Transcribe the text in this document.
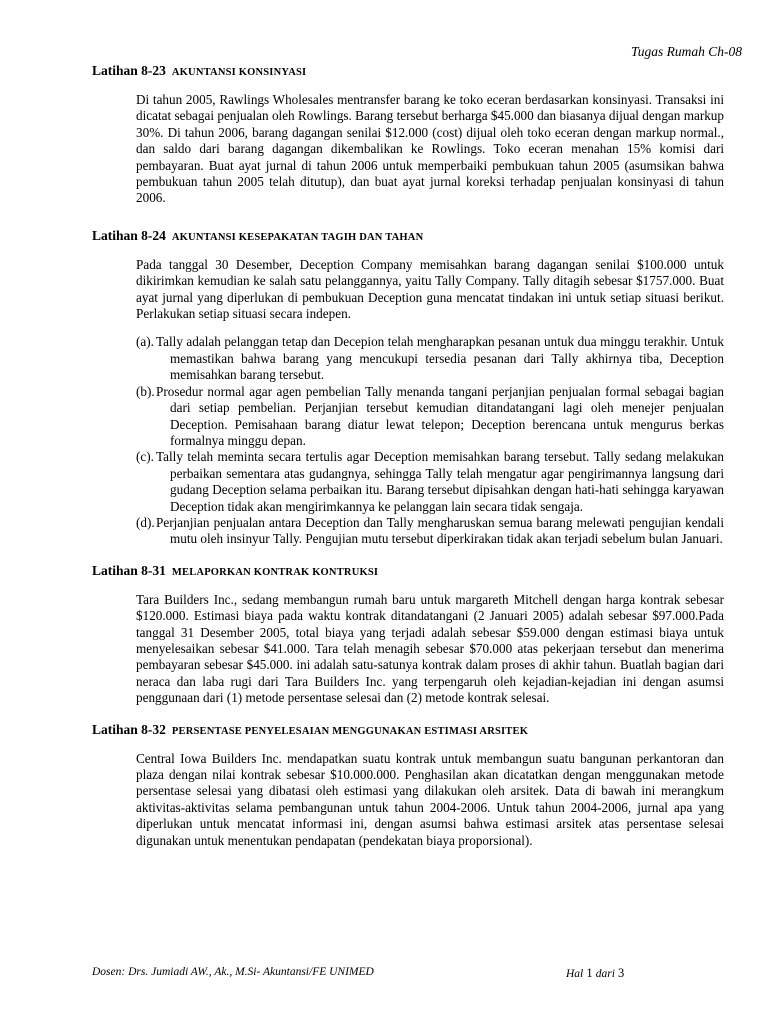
Tugas Rumah Ch-08
Latihan 8-23 AKUNTANSI KONSINYASI

Di tahun 2005, Rawlings Wholesales mentransfer barang ke toko eceran berdasarkan konsinyasi. Transaksi ini dicatat sebagai penjualan oleh Rowlings. Barang tersebut berharga $45.000 dan biasanya dijual dengan markup 30%. Di tahun 2006, barang dagangan senilai $12.000 (cost) dijual oleh toko eceran dengan markup normal., dan saldo dari barang dagangan dikembalikan ke Rowlings. Toko eceran menahan 15% komisi dari pembayaran. Buat ayat jurnal di tahun 2006 untuk memperbaiki pembukuan tahun 2005 (asumsikan bahwa pembukuan tahun 2005 telah ditutup), dan buat ayat jurnal koreksi terhadap penjualan konsinyasi di tahun 2006.

Latihan 8-24 AKUNTANSI KESEPAKATAN TAGIH DAN TAHAN

Pada tanggal 30 Desember, Deception Company memisahkan barang dagangan senilai $100.000 untuk dikirimkan kemudian ke salah satu pelanggannya, yaitu Tally Company. Tally ditagih sebesar $1757.000. Buat ayat jurnal yang diperlukan di pembukuan Deception guna mencatat tindakan ini untuk setiap situasi berikut. Perlakukan setiap situasi secara indepen.

(a). Tally adalah pelanggan tetap dan Decepion telah mengharapkan pesanan untuk dua minggu terakhir. Untuk memastikan bahwa barang yang mencukupi tersedia pesanan dari Tally akhirnya tiba, Deception memisahkan barang tersebut.
(b).Prosedur normal agar agen pembelian Tally menanda tangani perjanjian penjualan formal sebagai bagian dari setiap pembelian. Perjanjian tersebut kemudian ditandatangani lagi oleh menejer penjualan Deception. Pemisahaan barang diatur lewat telepon; Deception berencana untuk mengurus berkas formalnya minggu depan.
(c). Tally telah meminta secara tertulis agar Deception memisahkan barang tersebut. Tally sedang melakukan perbaikan sementara atas gudangnya, sehingga Tally telah mengatur agar pengirimannya langsung dari gudang Deception selama perbaikan itu. Barang tersebut dipisahkan dengan hati-hati sehingga karyawan Deception tidak akan mengirimkannya ke pelanggan lain secara tidak sengaja.
(d).Perjanjian penjualan antara Deception dan Tally mengharuskan semua barang melewati pengujian kendali mutu oleh insinyur Tally. Pengujian mutu tersebut diperkirakan tidak akan terjadi sebelum bulan Januari.
Latihan 8-31 MELAPORKAN KONTRAK KONTRUKSI

Tara Builders Inc., sedang membangun rumah baru untuk margareth Mitchell dengan harga kontrak sebesar $120.000. Estimasi biaya pada waktu kontrak ditandatangani (2 Januari 2005) adalah sebesar $97.000.Pada tanggal 31 Desember 2005, total biaya yang terjadi adalah sebesar $59.000 dengan estimasi biaya untuk menyelesaikan sebesar $41.000. Tara telah menagih sebesar $70.000 atas pekerjaan tersebut dan menerima pembayaran sebesar $45.000. ini adalah satu-satunya kontrak dalam proses di akhir tahun. Buatlah bagian dari neraca dan laba rugi dari Tara Builders Inc. yang terpengaruh oleh kejadian-kejadian ini dengan asumsi penggunaan dari (1) metode persentase selesai dan (2) metode kontrak selesai.

Latihan 8-32 PERSENTASE PENYELESAIAN MENGGUNAKAN ESTIMASI ARSITEK

Central Iowa Builders Inc. mendapatkan suatu kontrak untuk membangun suatu bangunan perkantoran dan plaza dengan nilai kontrak sebesar $10.000.000. Penghasilan akan dicatatkan dengan menggunakan metode persentase selesai yang dibatasi oleh estimasi yang dilakukan oleh arsitek. Data di bawah ini merangkum aktivitas-aktivitas selama pembangunan untuk tahun 2004-2006. Untuk tahun 2004-2006, jurnal apa yang diperlukan untuk mencatat informasi ini, dengan asumsi bahwa estimasi arsitek atas persentase selesai digunakan untuk menentukan pendapatan (pendekatan biaya proporsional).

Dosen: Drs. Jumiadi AW., Ak., M.Si- Akuntansi/FE UNIMED	Hal 1 dari 3
